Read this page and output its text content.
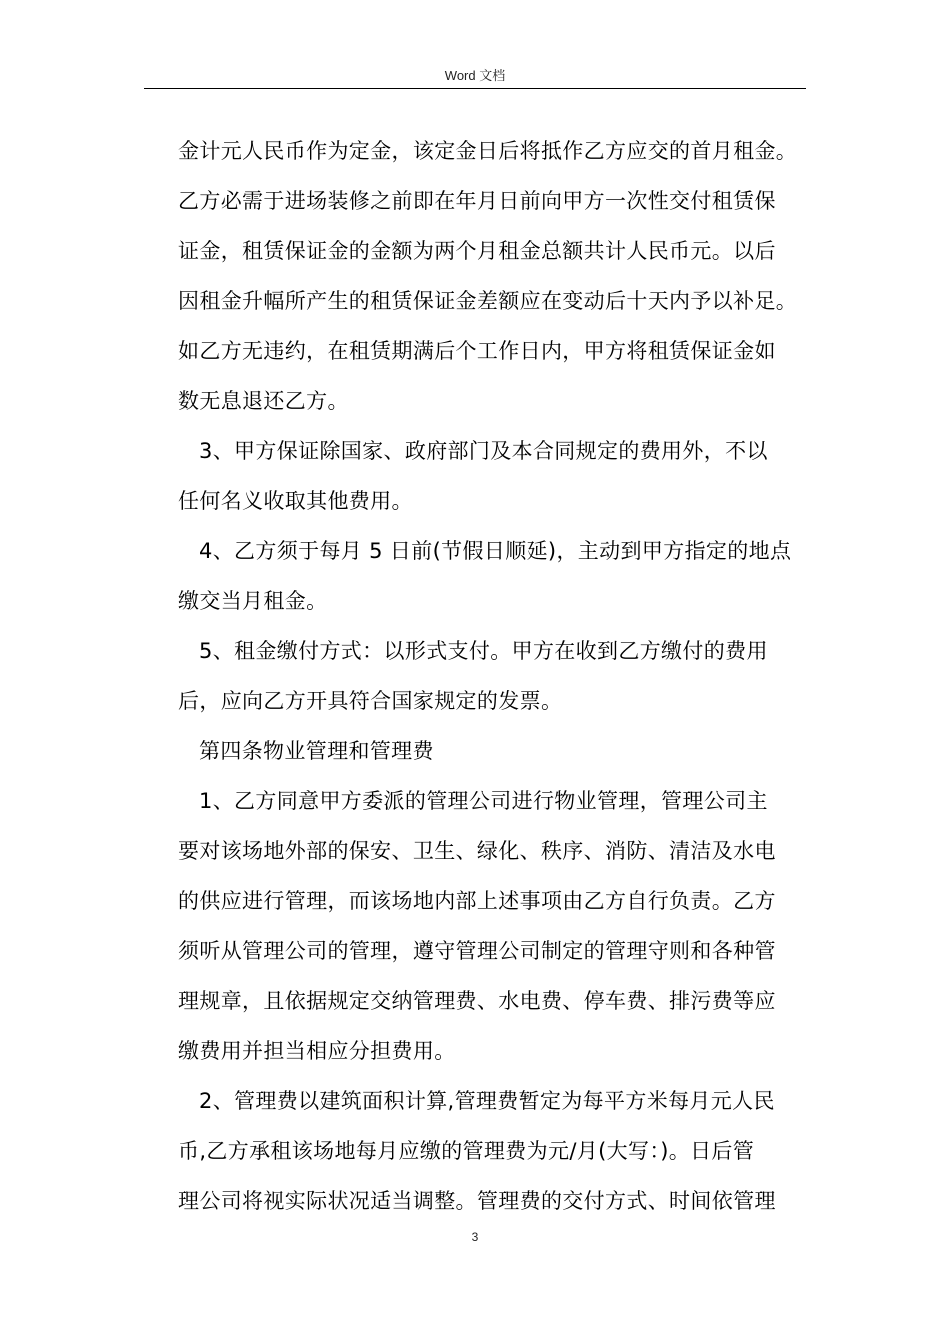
Word 文档
金计元人民币作为定金，该定金日后将抵作乙方应交的首月租金。
乙方必需于进场装修之前即在年月日前向甲方一次性交付租赁保
证金，租赁保证金的金额为两个月租金总额共计人民币元。以后
因租金升幅所产生的租赁保证金差额应在变动后十天内予以补足。
如乙方无违约，在租赁期满后个工作日内，甲方将租赁保证金如
数无息退还乙方。
3、甲方保证除国家、政府部门及本合同规定的费用外，不以
任何名义收取其他费用。
4、乙方须于每月 5 日前(节假日顺延)，主动到甲方指定的地点
缴交当月租金。
5、租金缴付方式：以形式支付。甲方在收到乙方缴付的费用
后，应向乙方开具符合国家规定的发票。
第四条物业管理和管理费
1、乙方同意甲方委派的管理公司进行物业管理，管理公司主
要对该场地外部的保安、卫生、绿化、秩序、消防、清洁及水电
的供应进行管理，而该场地内部上述事项由乙方自行负责。乙方
须听从管理公司的管理，遵守管理公司制定的管理守则和各种管
理规章，且依据规定交纳管理费、水电费、停车费、排污费等应
缴费用并担当相应分担费用。
2、管理费以建筑面积计算,管理费暂定为每平方米每月元人民
币,乙方承租该场地每月应缴的管理费为元/月(大写：)。日后管
理公司将视实际状况适当调整。管理费的交付方式、时间依管理
3
